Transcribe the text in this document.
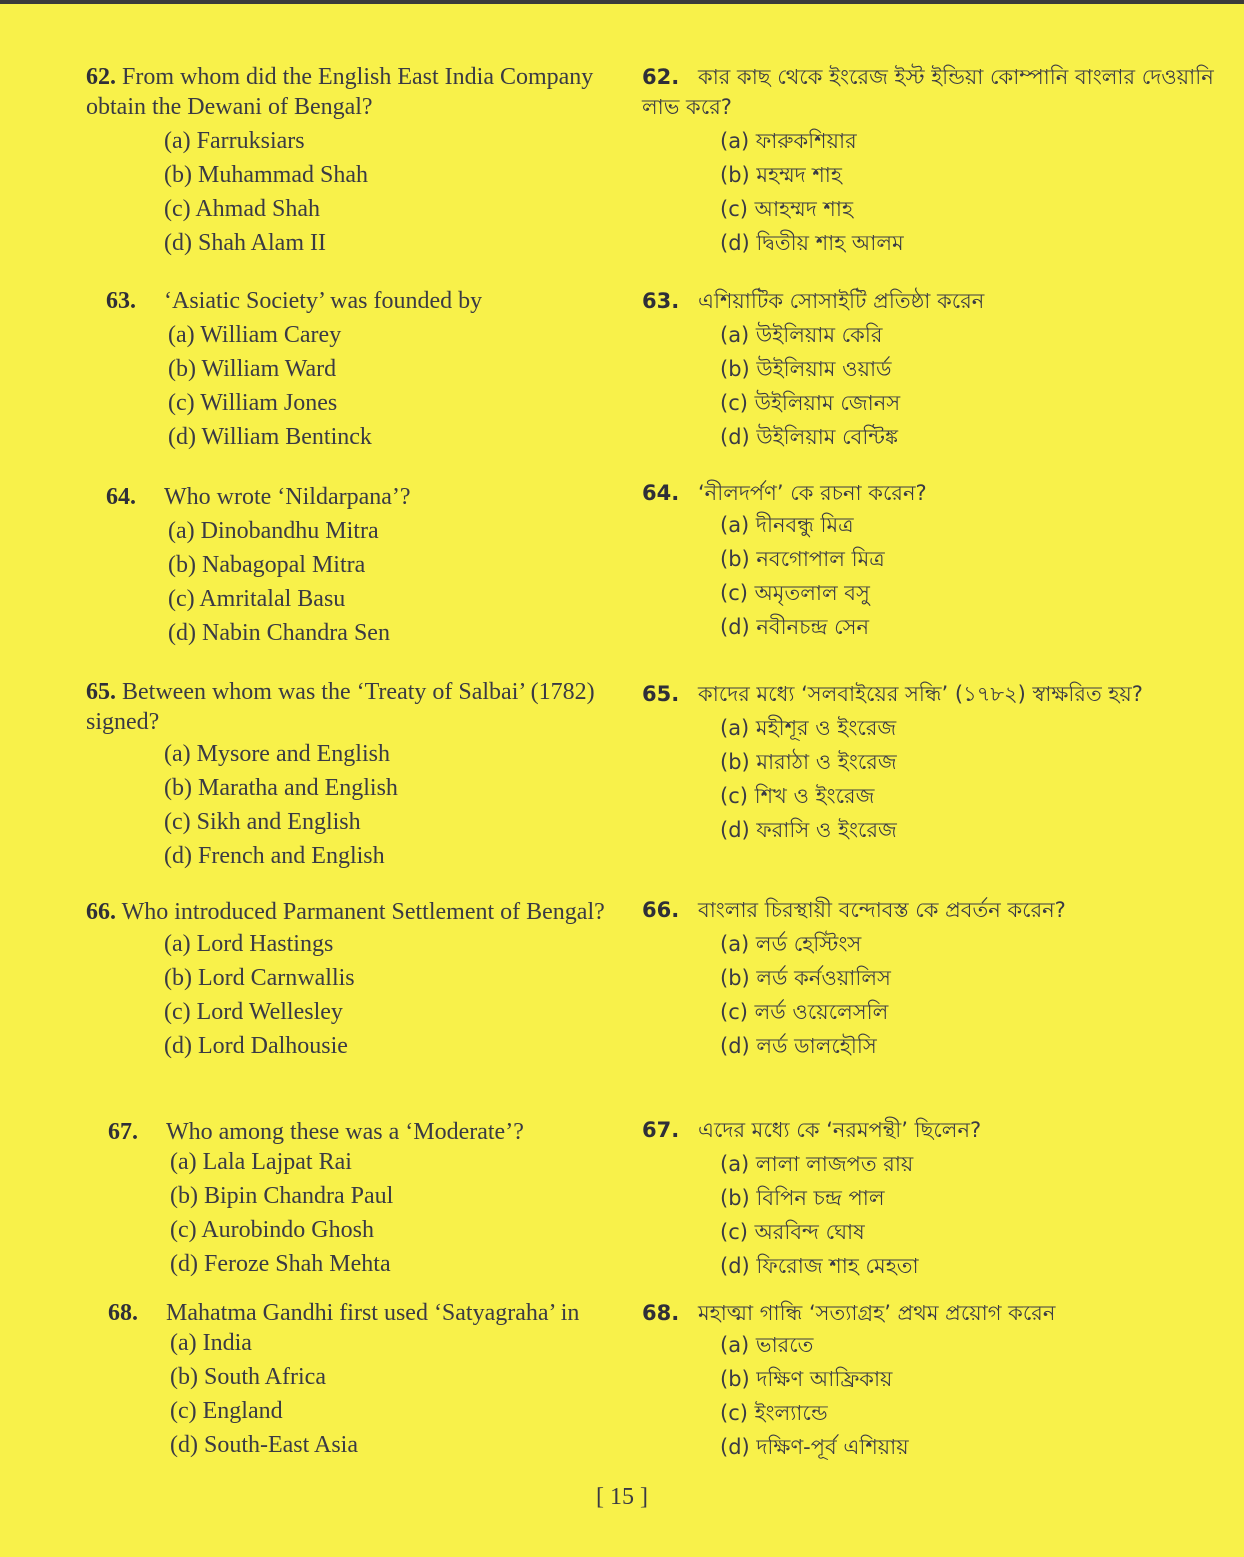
62. From whom did the English East India Company obtain the Dewani of Bengal?
(a) Farruksiars
(b) Muhammad Shah
(c) Ahmad Shah
(d) Shah Alam II
63. ‘Asiatic Society’ was founded by
(a) William Carey
(b) William Ward
(c) William Jones
(d) William Bentinck
64. Who wrote ‘Nildarpana’?
(a) Dinobandhu Mitra
(b) Nabagopal Mitra
(c) Amritalal Basu
(d) Nabin Chandra Sen
65. Between whom was the ‘Treaty of Salbai’ (1782) signed?
(a) Mysore and English
(b) Maratha and English
(c) Sikh and English
(d) French and English
66. Who introduced Parmanent Settlement of Bengal?
(a) Lord Hastings
(b) Lord Carnwallis
(c) Lord Wellesley
(d) Lord Dalhousie
67. Who among these was a ‘Moderate’?
(a) Lala Lajpat Rai
(b) Bipin Chandra Paul
(c) Aurobindo Ghosh
(d) Feroze Shah Mehta
68. Mahatma Gandhi first used ‘Satyagraha’ in
(a) India
(b) South Africa
(c) England
(d) South-East Asia
62. কার কাছ থেকে ইংরেজ ইস্ট ইন্ডিয়া কোম্পানি বাংলার দেওয়ানি লাভ করে?
(a) ফারুকশিয়ার
(b) মহম্মদ শাহ
(c) আহম্মদ শাহ
(d) দ্বিতীয় শাহ আলম
63. এশিয়াটিক সোসাইটি প্রতিষ্ঠা করেন
(a) উইলিয়াম কেরি
(b) উইলিয়াম ওয়ার্ড
(c) উইলিয়াম জোনস
(d) উইলিয়াম বেন্টিঙ্ক
64. ‘নীলদর্পণ’ কে রচনা করেন?
(a) দীনবন্ধু মিত্র
(b) নবগোপাল মিত্র
(c) অমৃতলাল বসু
(d) নবীনচন্দ্র সেন
65. কাদের মধ্যে ‘সলবাইয়ের সন্ধি’ (১৭৮২) স্বাক্ষরিত হয়?
(a) মহীশূর ও ইংরেজ
(b) মারাঠা ও ইংরেজ
(c) শিখ ও ইংরেজ
(d) ফরাসি ও ইংরেজ
66. বাংলার চিরস্থায়ী বন্দোবস্ত কে প্রবর্তন করেন?
(a) লর্ড হেস্টিংস
(b) লর্ড কর্নওয়ালিস
(c) লর্ড ওয়েলেসলি
(d) লর্ড ডালহৌসি
67. এদের মধ্যে কে ‘নরমপন্থী’ ছিলেন?
(a) লালা লাজপত রায়
(b) বিপিন চন্দ্র পাল
(c) অরবিন্দ ঘোষ
(d) ফিরোজ শাহ মেহতা
68. মহাত্মা গান্ধি ‘সত্যাগ্রহ’ প্রথম প্রয়োগ করেন
(a) ভারতে
(b) দক্ষিণ আফ্রিকায়
(c) ইংল্যান্ডে
(d) দক্ষিণ-পূর্ব এশিয়ায়
[ 15 ]
